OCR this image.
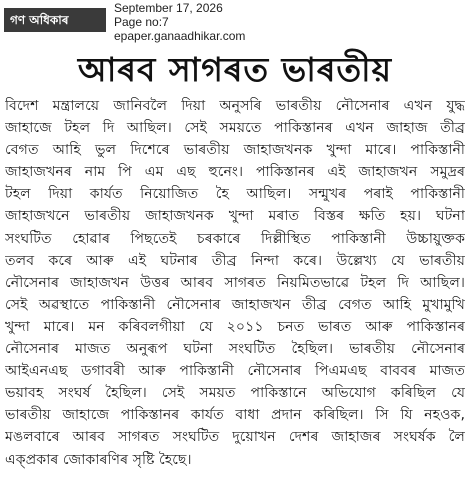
গণ অধিকাৰ
September 17, 2026
Page no:7
epaper.ganaadhikar.com
আৰব সাগৰত ভাৰতীয়
বিদেশ মন্ত্ৰালয়ে জানিবলৈ দিয়া অনুসৰি ভাৰতীয় নৌসেনাৰ এখন যুদ্ধ
জাহাজে টহল দি আছিল। সেই সময়তে পাকিস্তানৰ এখন জাহাজ তীব্ৰ
বেগত আহি ভুল দিশেৰে ভাৰতীয় জাহাজখনক খুন্দা মাৰে। পাকিস্তানী
জাহাজখনৰ নাম পি এম এছ হুনেং। পাকিস্তানৰ এই জাহাজখন সমুদ্ৰৰ
টহল দিয়া কাৰ্যত নিয়োজিত হৈ আছিল। সন্মুখৰ পৰাই পাকিস্তানী
জাহাজখনে ভাৰতীয় জাহাজখনক খুন্দা মৰাত বিস্তৰ ক্ষতি হয়। ঘটনা
সংঘটিত হোৱাৰ পিছতেই চৰকাৰে দিল্লীস্থিত পাকিস্তানী উচ্চায়ুক্তক
তলব কৰে আৰু এই ঘটনাৰ তীব্ৰ নিন্দা কৰে। উল্লেখ্য যে ভাৰতীয়
নৌসেনাৰ জাহাজখন উত্তৰ আৰব সাগৰত নিয়মিতভাৱে টহল দি আছিল।
সেই অৱস্থাতে পাকিস্তানী নৌসেনাৰ জাহাজখন তীব্ৰ বেগত আহি মুখামুখি
খুন্দা মাৰে। মন কৰিবলগীয়া যে ২০১১ চনত ভাৰত আৰু পাকিস্তানৰ
নৌসেনাৰ মাজত অনুৰূপ ঘটনা সংঘটিত হৈছিল। ভাৰতীয় নৌসেনাৰ
আইএনএছ ডগাবৰী আৰু পাকিস্তানী নৌসেনাৰ পিএমএছ বাববৰ মাজত
ভয়াবহ সংঘৰ্ষ হৈছিল। সেই সময়ত পাকিস্তানে অভিযোগ কৰিছিল যে
ভাৰতীয় জাহাজে পাকিস্তানৰ কাৰ্যত বাধা প্ৰদান কৰিছিল। সি যি নহওক,
মঙলবাৰে আৰব সাগৰত সংঘটিত দুয়োখন দেশৰ জাহাজৰ সংঘৰ্ষক লৈ
এক্‌প্ৰকাৰ জোকাৰণিৰ সৃষ্টি হৈছে।
